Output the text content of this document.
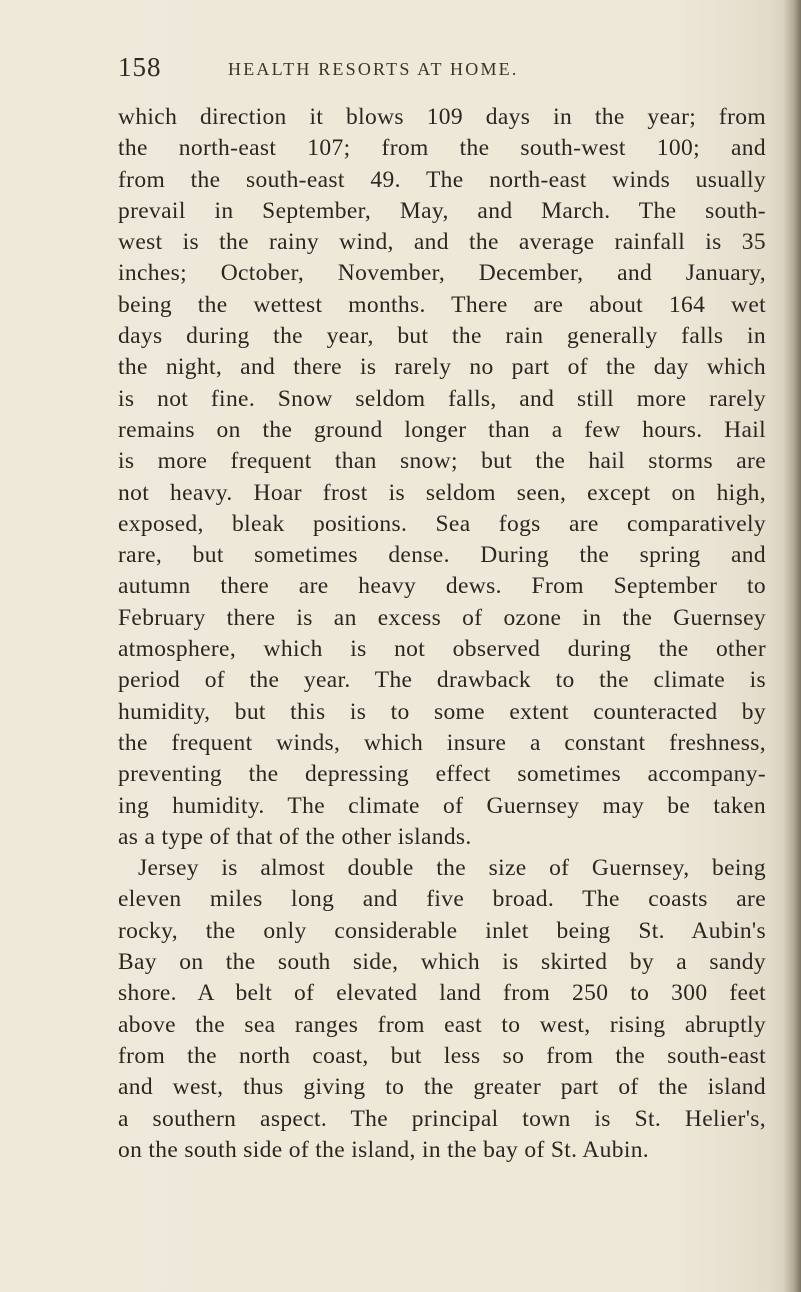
158	HEALTH RESORTS AT HOME.
which direction it blows 109 days in the year; from
the north-east 107; from the south-west 100; and
from the south-east 49. The north-east winds usually
prevail in September, May, and March. The south-
west is the rainy wind, and the average rainfall is 35
inches; October, November, December, and January,
being the wettest months. There are about 164 wet
days during the year, but the rain generally falls in
the night, and there is rarely no part of the day which
is not fine. Snow seldom falls, and still more rarely
remains on the ground longer than a few hours. Hail
is more frequent than snow; but the hail storms are
not heavy. Hoar frost is seldom seen, except on high,
exposed, bleak positions. Sea fogs are comparatively
rare, but sometimes dense. During the spring and
autumn there are heavy dews. From September to
February there is an excess of ozone in the Guernsey
atmosphere, which is not observed during the other
period of the year. The drawback to the climate is
humidity, but this is to some extent counteracted by
the frequent winds, which insure a constant freshness,
preventing the depressing effect sometimes accompany-
ing humidity. The climate of Guernsey may be taken
as a type of that of the other islands.
Jersey is almost double the size of Guernsey, being
eleven miles long and five broad. The coasts are
rocky, the only considerable inlet being St. Aubin's
Bay on the south side, which is skirted by a sandy
shore. A belt of elevated land from 250 to 300 feet
above the sea ranges from east to west, rising abruptly
from the north coast, but less so from the south-east
and west, thus giving to the greater part of the island
a southern aspect. The principal town is St. Helier's,
on the south side of the island, in the bay of St. Aubin.
